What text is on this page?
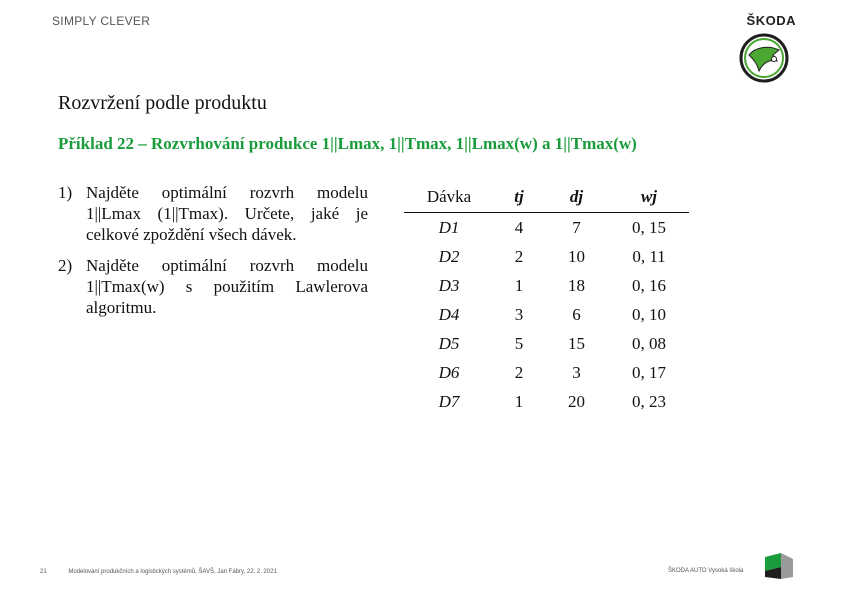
SIMPLY CLEVER	ŠKODA
Rozvržení podle produktu
Příklad 22 – Rozvrhování produkce 1||Lmax, 1||Tmax, 1||Lmax(w) a 1||Tmax(w)
1) Najděte optimální rozvrh modelu 1||Lmax (1||Tmax). Určete, jaké je celkové zpoždění všech dávek.
2) Najděte optimální rozvrh modelu 1||Tmax(w) s použitím Lawlerova algoritmu.
Dávka	tj	dj	wj
D1	4	7	0, 15
D2	2	10	0, 11
D3	1	18	0, 16
D4	3	6	0, 10
D5	5	15	0, 08
D6	2	3	0, 17
D7	1	20	0, 23
21	Modelování produkčních a logistických systémů, ŠAVŠ, Jan Fábry, 22. 2. 2021	ŠKODA AUTO Vysoká škola
